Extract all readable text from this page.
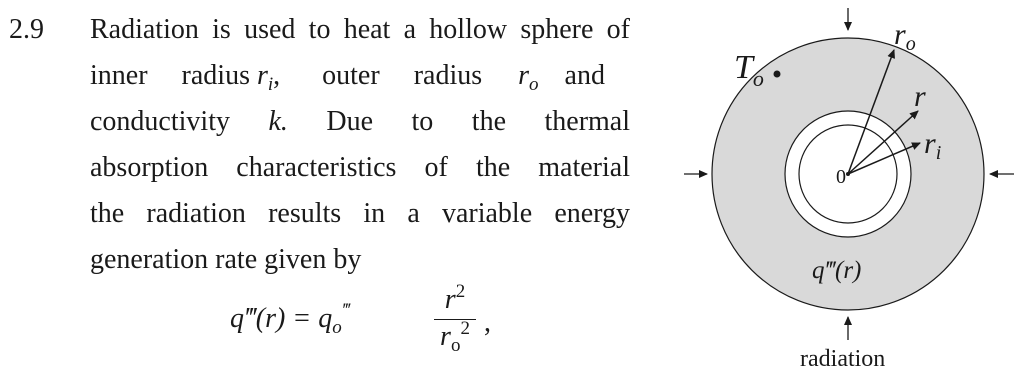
2.9 Radiation is used to heat a hollow sphere of
inner radius $r_i$, outer radius $r_o$ and
conductivity k. Due to the thermal
absorption characteristics of the material
the radiation results in a variable energy
generation rate given by
q‴(r) = $q_o^‴$	$r^2$
$r_o^2$ ,
$T_o$
$r_o$
r
$r_i$
0
q‴(r)
radiation
